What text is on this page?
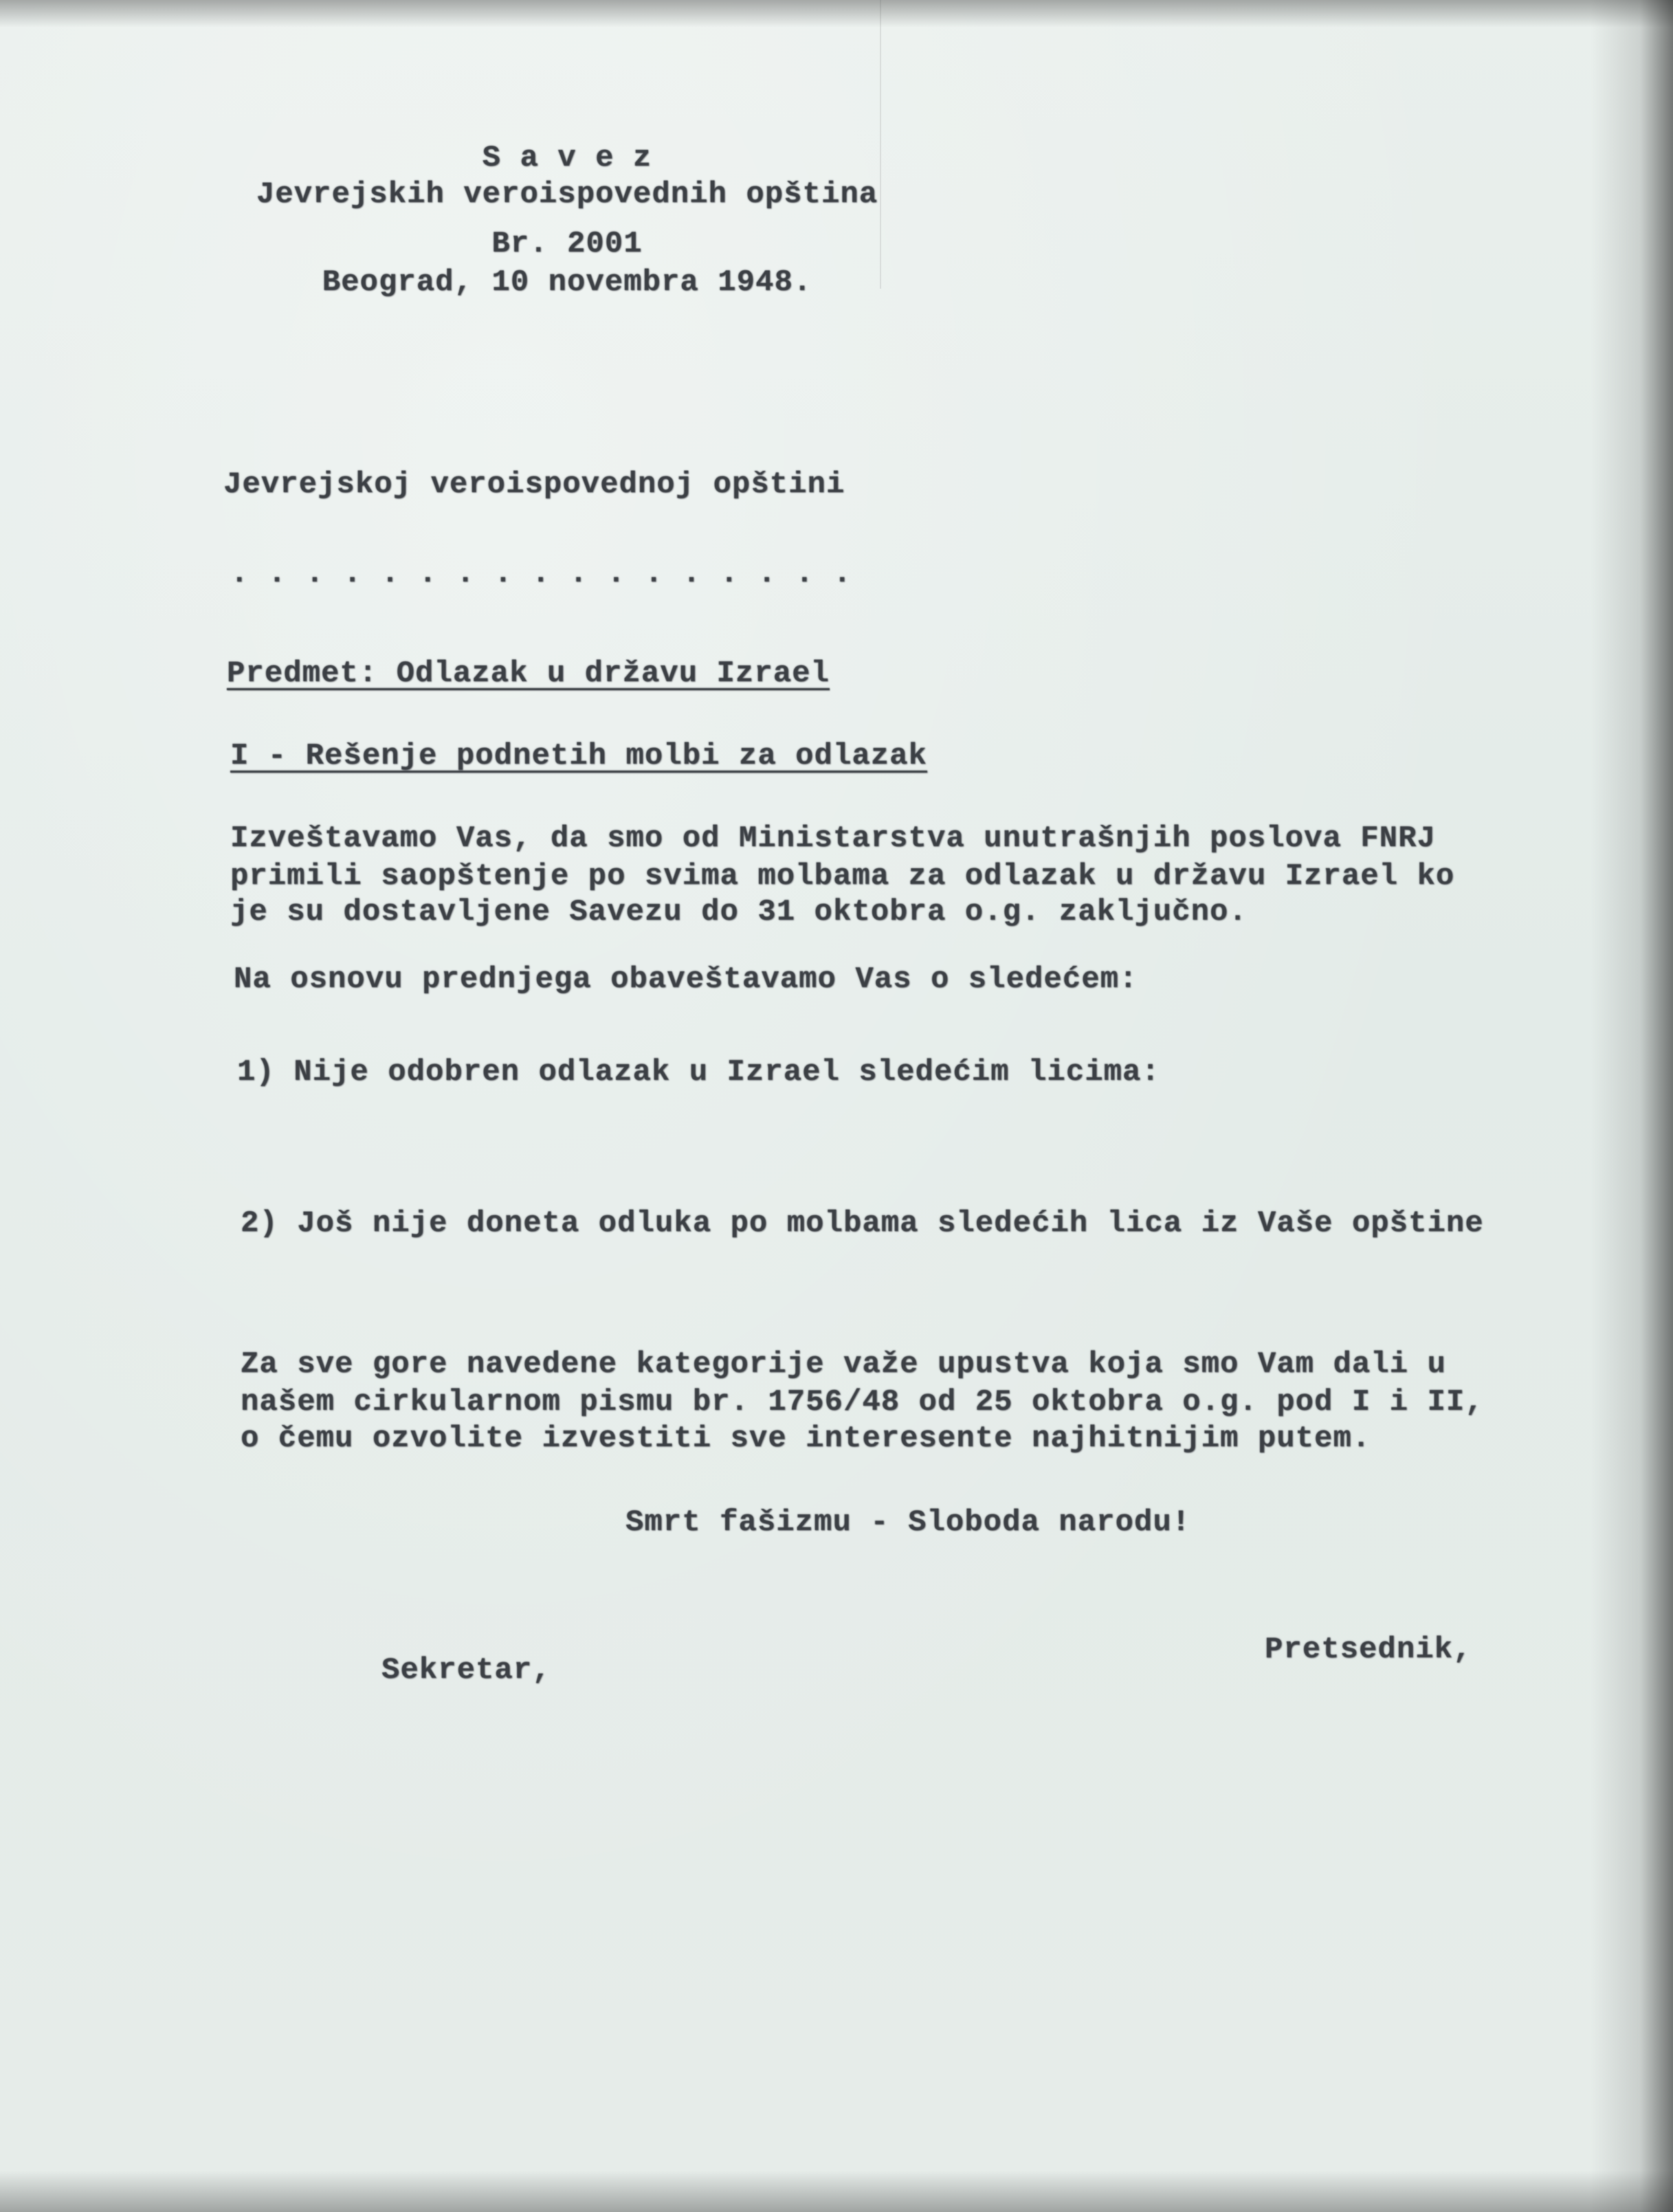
S a v e z

Jevrejskih veroispovednih opština

Br. 2001

Beograd, 10 novembra 1948.

Jevrejskoj veroispovednoj opštini

. . . . . . . . . . . . . . . . .

Predmet: Odlazak u državu Izrael

I - Rešenje podnetih molbi za odlazak

Izveštavamo Vas, da smo od Ministarstva unutrašnjih poslova FNRJ

primili saopštenje po svima molbama za odlazak u državu Izrael ko

je su dostavljene Savezu do 31 oktobra o.g. zaključno.

Na osnovu prednjega obaveštavamo Vas o sledećem:

1) Nije odobren odlazak u Izrael sledećim licima:

2) Još nije doneta odluka po molbama sledećih lica iz Vaše opštine

Za sve gore navedene kategorije važe upustva koja smo Vam dali u

našem cirkularnom pismu br. 1756/48 od 25 oktobra o.g. pod I i II,

o čemu ozvolite izvestiti sve interesente najhitnijim putem.

Smrt fašizmu - Sloboda narodu!

Sekretar,

Pretsednik,
